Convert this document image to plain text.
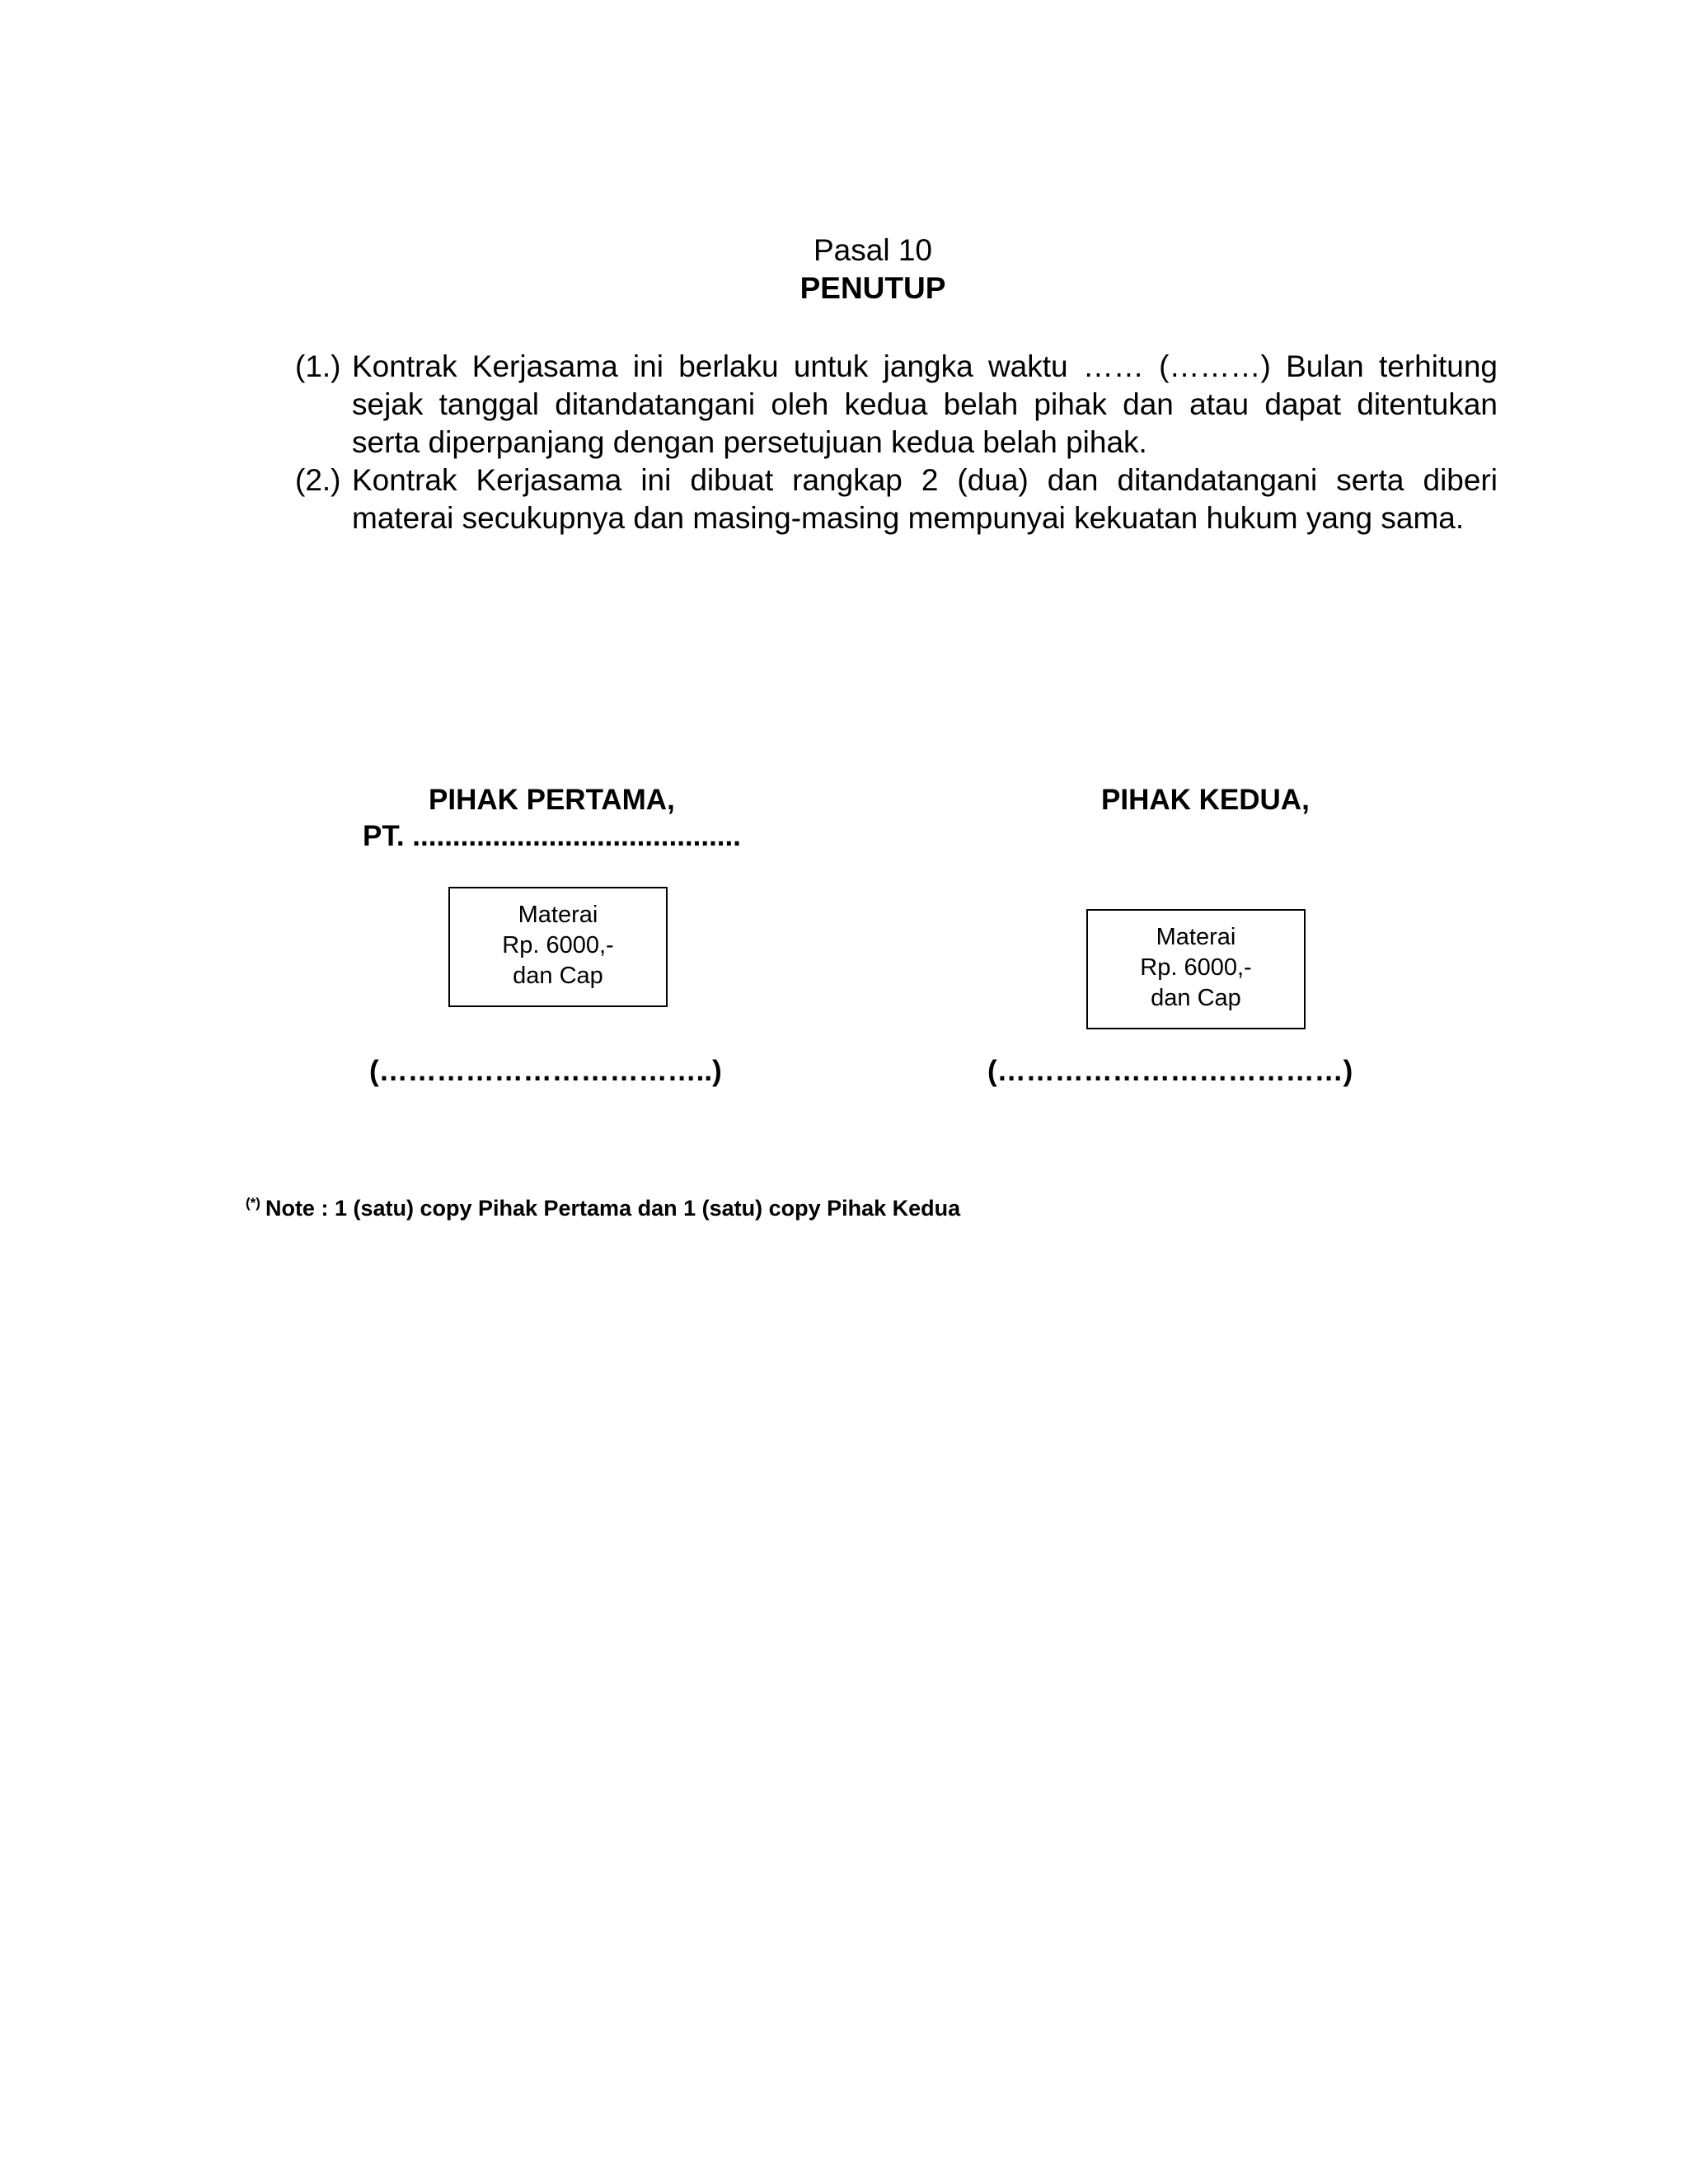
Pasal 10
PENUTUP
(1.) Kontrak Kerjasama ini berlaku untuk jangka waktu …… (………) Bulan terhitung sejak tanggal ditandatangani oleh kedua belah pihak dan atau dapat ditentukan serta diperpanjang dengan persetujuan kedua belah pihak.
(2.) Kontrak Kerjasama ini dibuat rangkap 2 (dua) dan ditandatangani serta diberi materai secukupnya dan masing-masing mempunyai kekuatan hukum yang sama.
PIHAK PERTAMA,
PT. .........................................
PIHAK KEDUA,
Materai
Rp. 6000,-
dan Cap
Materai
Rp. 6000,-
dan Cap
(……………………………..)	(………………………………)
(*) Note : 1 (satu) copy Pihak Pertama dan 1 (satu) copy Pihak Kedua
